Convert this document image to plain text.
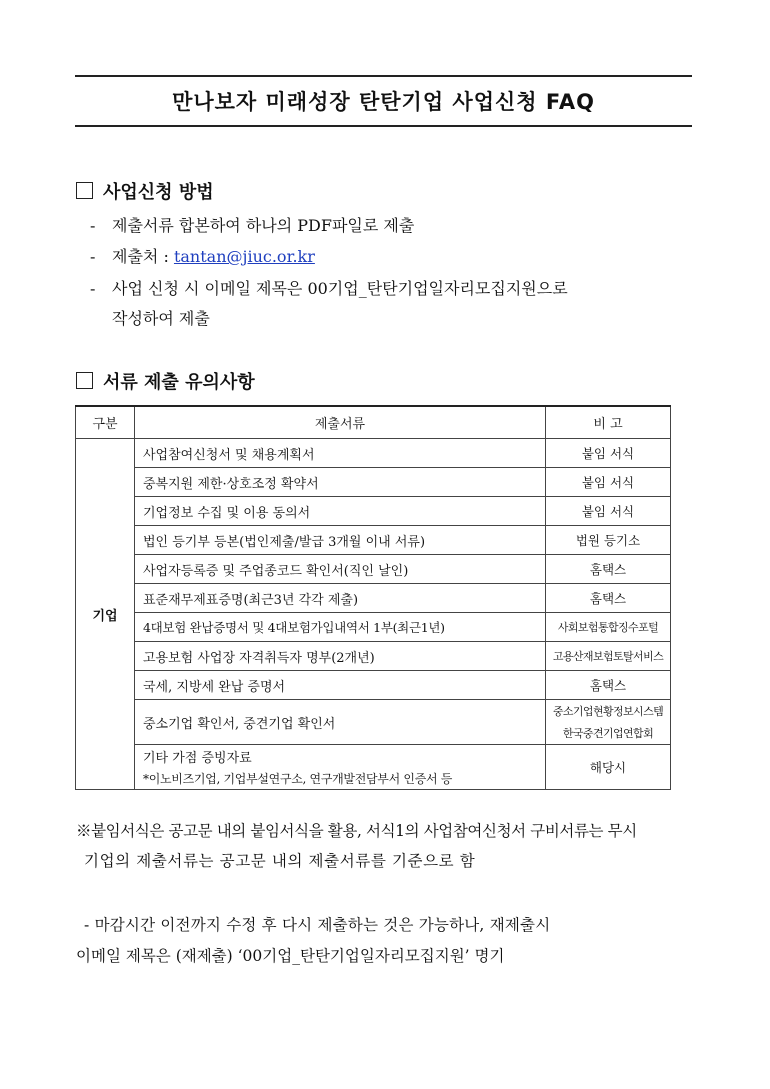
만나보자 미래성장 탄탄기업 사업신청 FAQ
사업신청 방법
- 제출서류 합본하여 하나의 PDF파일로 제출
- 제출처 : tantan@jiuc.or.kr
- 사업 신청 시 이메일 제목은 00기업_탄탄기업일자리모집지원으로
작성하여 제출
서류 제출 유의사항
구분	제출서류	비 고
기업	사업참여신청서 및 채용계획서	붙임 서식
	중복지원 제한·상호조정 확약서	붙임 서식
	기업정보 수집 및 이용 동의서	붙임 서식
	법인 등기부 등본(법인제출/발급 3개월 이내 서류)	법원 등기소
	사업자등록증 및 주업종코드 확인서(직인 날인)	홈택스
	표준재무제표증명(최근3년 각각 제출)	홈택스
	4대보험 완납증명서 및 4대보험가입내역서 1부(최근1년)	사회보험통합징수포털
	고용보험 사업장 자격취득자 명부(2개년)	고용산재보험토탈서비스
	국세, 지방세 완납 증명서	홈택스
	중소기업 확인서, 중견기업 확인서	중소기업현황정보시스템
한국중견기업연합회

	기타 가점 증빙자료
*이노비즈기업, 기업부설연구소, 연구개발전담부서 인증서 등	해당시
※붙임서식은 공고문 내의 붙임서식을 활용, 서식1의 사업참여신청서 구비서류는 무시
기업의 제출서류는 공고문 내의 제출서류를 기준으로 함
- 마감시간 이전까지 수정 후 다시 제출하는 것은 가능하나, 재제출시
이메일 제목은 (재제출) ‘00기업_탄탄기업일자리모집지원’ 명기
